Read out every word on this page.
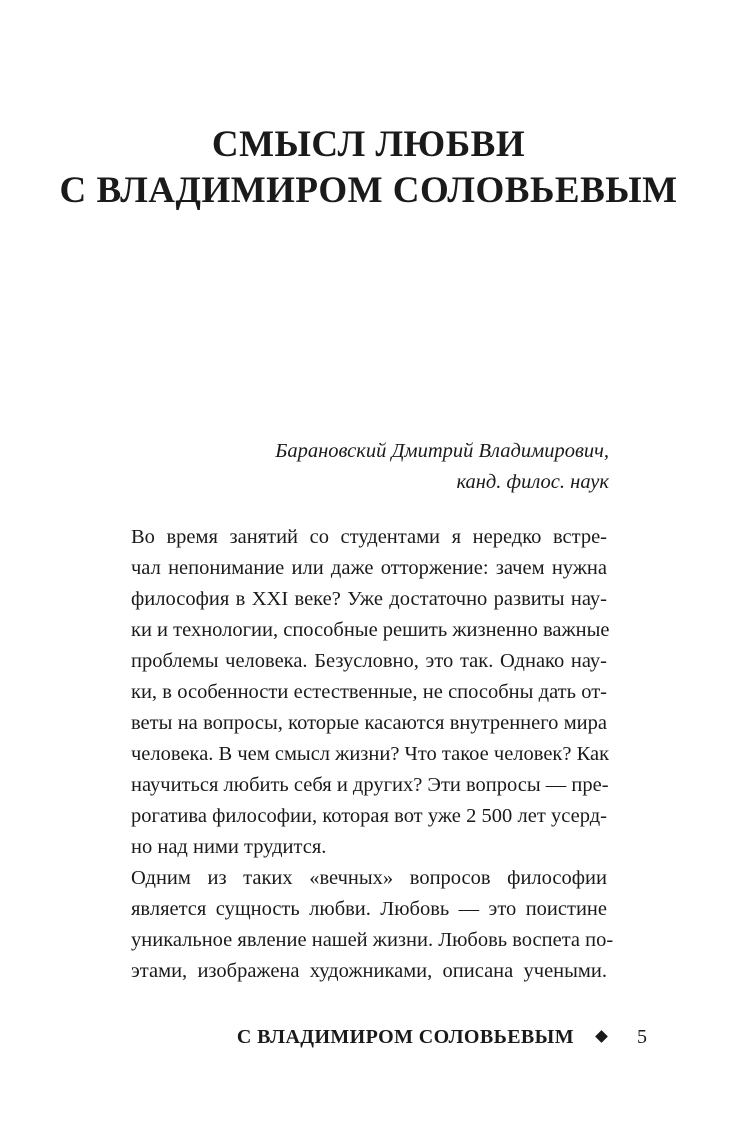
СМЫСЛ ЛЮБВИ
С ВЛАДИМИРОМ СОЛОВЬЕВЫМ
Барановский Дмитрий Владимирович,
канд. филос. наук
Во время занятий со студентами я нередко встре-
чал непонимание или даже отторжение: зачем нужна
философия в XXI веке? Уже достаточно развиты нау-
ки и технологии, способные решить жизненно важные
проблемы человека. Безусловно, это так. Однако нау-
ки, в особенности естественные, не способны дать от-
веты на вопросы, которые касаются внутреннего мира
человека. В чем смысл жизни? Что такое человек? Как
научиться любить себя и других? Эти вопросы — пре-
рогатива философии, которая вот уже 2 500 лет усерд-
но над ними трудится.
Одним из таких «вечных» вопросов философии
является сущность любви. Любовь — это поистине
уникальное явление нашей жизни. Любовь воспета по-
этами, изображена художниками, описана учеными.
С ВЛАДИМИРОМ СОЛОВЬЕВЫМ	5
